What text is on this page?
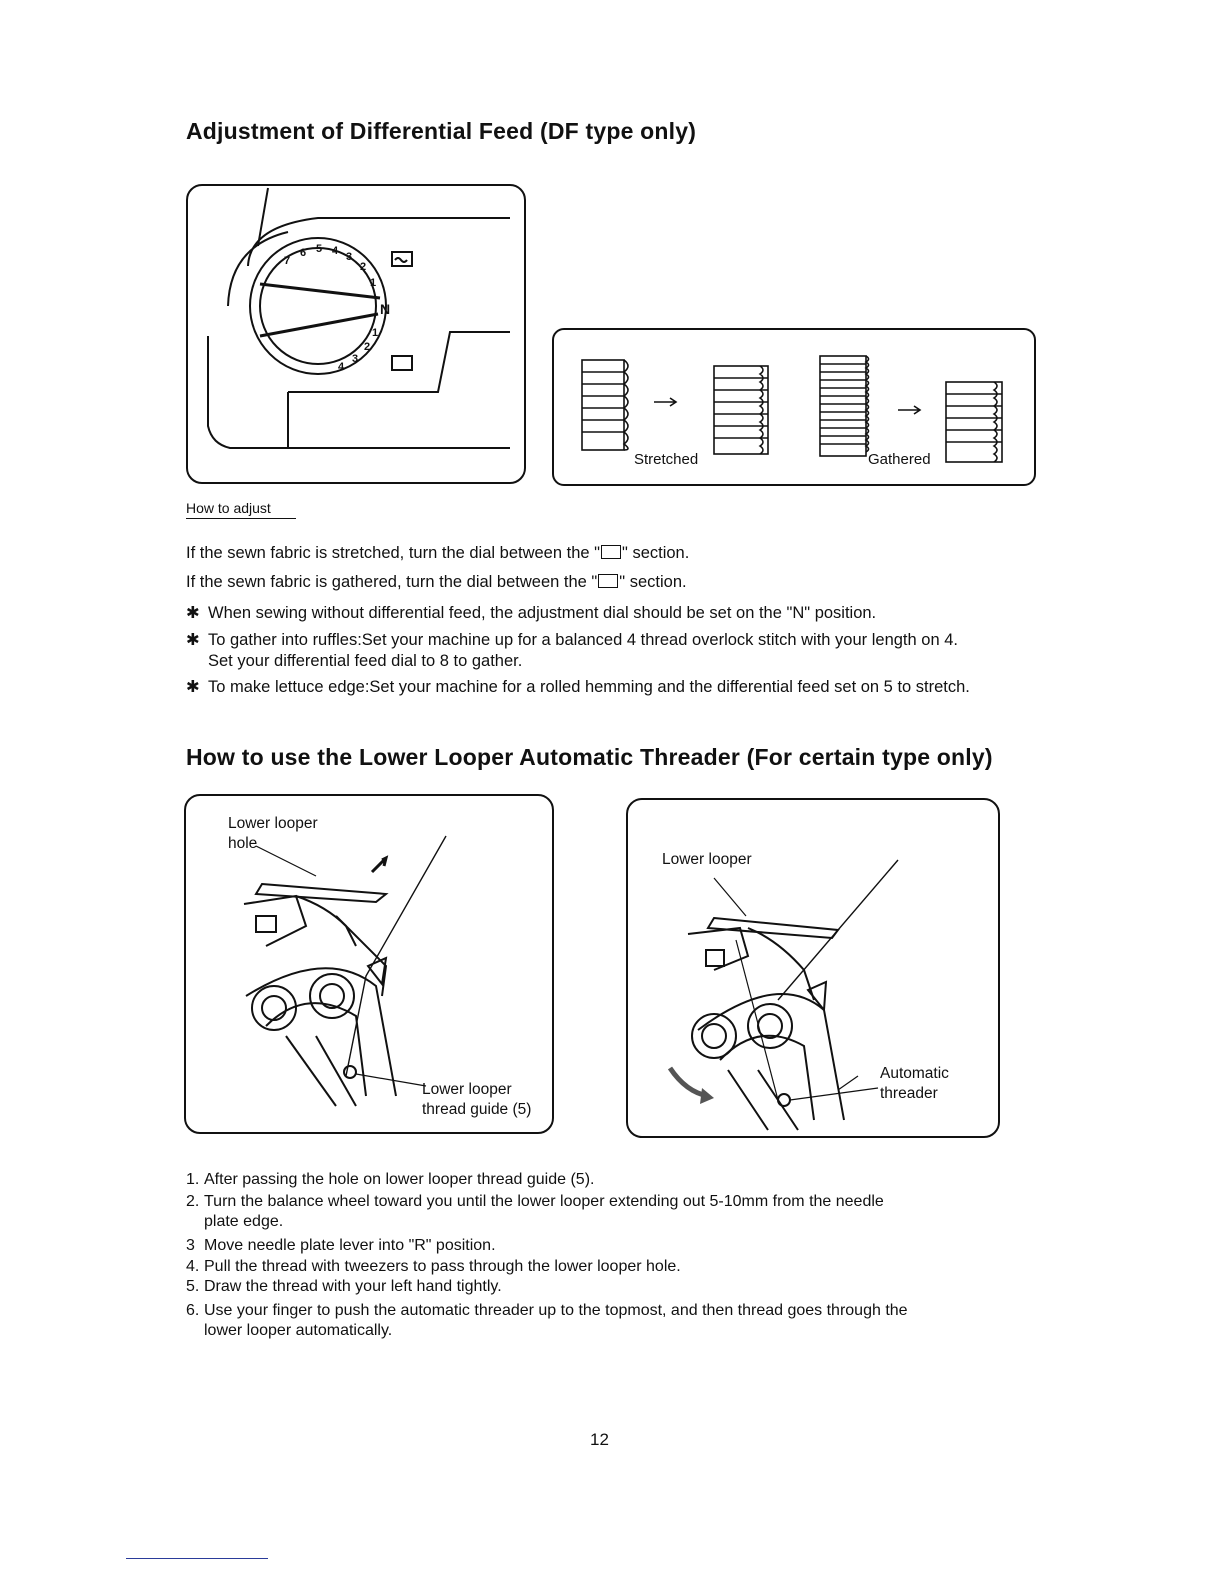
Adjustment of Differential Feed (DF type only)
7
6 5 4 3
2
1
N
1
2
3
4
Stretched	Gathered
How to adjust
If the sewn fabric is stretched, turn the dial between the " " section.
If the sewn fabric is gathered, turn the dial between the " " section.
✱ When sewing without differential feed, the adjustment dial should be set on the "N" position.
✱ To gather into ruffles:Set your machine up for a balanced 4 thread overlock stitch with your length on 4.
Set your differential feed dial to 8 to gather.
✱ To make lettuce edge:Set your machine for a rolled hemming and the differential feed set on 5 to stretch.
How to use the Lower Looper Automatic Threader (For certain type only)
Lower looper
hole
Lower looper
thread guide (5)
Lower looper
Automatic
threader
1. After passing the hole on lower looper thread guide (5).
2. Turn the balance wheel toward you until the lower looper extending out 5-10mm from the needle
plate edge.
3 Move needle plate lever into "R" position.
4. Pull the thread with tweezers to pass through the lower looper hole.
5. Draw the thread with your left hand tightly.
6. Use your finger to push the automatic threader up to the topmost, and then thread goes through the
lower looper automatically.
12
